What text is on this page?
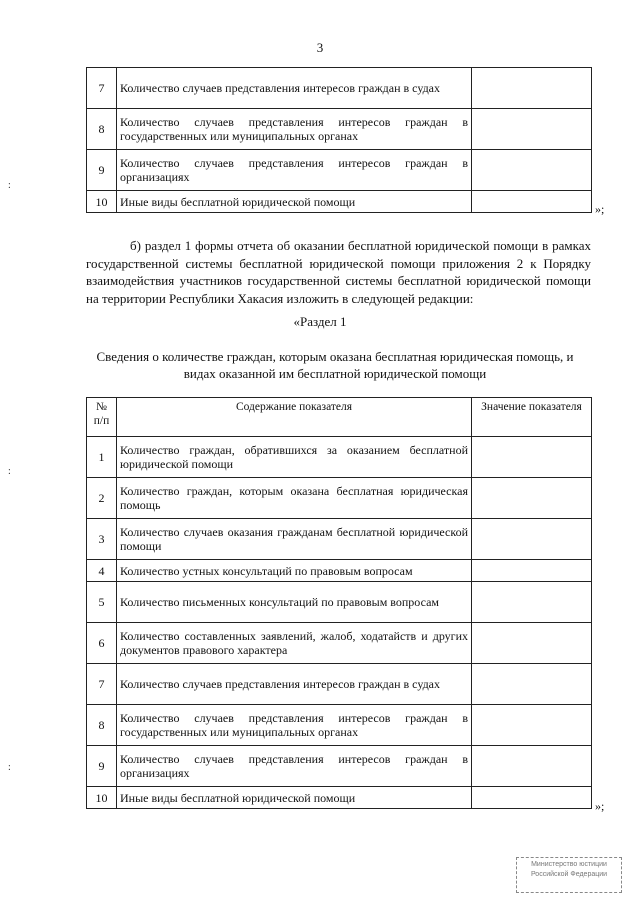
3
7	Количество случаев представления интересов граждан в судах	
8	Количество случаев представления интересов граждан в государственных или муниципальных органах	
9	Количество случаев представления интересов граждан в организациях	
10	Иные виды бесплатной юридической помощи	
»;

б) раздел 1 формы отчета об оказании бесплатной юридической помощи в рамках государственной системы бесплатной юридической помощи приложения 2 к Порядку взаимодействия участников государственной системы бесплатной юридической помощи на территории Республики Хакасия изложить в следующей редакции:

«Раздел 1

Сведения о количестве граждан, которым оказана бесплатная юридическая помощь, и видах оказанной им бесплатной юридической помощи

№ п/п	Содержание показателя	Значение показателя
1	Количество граждан, обратившихся за оказанием бесплатной юридической помощи	
2	Количество граждан, которым оказана бесплатная юридическая помощь	
3	Количество случаев оказания гражданам бесплатной юридической помощи	
4	Количество устных консультаций по правовым вопросам	
5	Количество письменных консультаций по правовым вопросам	
6	Количество составленных заявлений, жалоб, ходатайств и других документов правового характера	
7	Количество случаев представления интересов граждан в судах	
8	Количество случаев представления интересов граждан в государственных или муниципальных органах	
9	Количество случаев представления интересов граждан в организациях	
10	Иные виды бесплатной юридической помощи	
»;
:
:
:
Министерство юстиции Российской Федерации
